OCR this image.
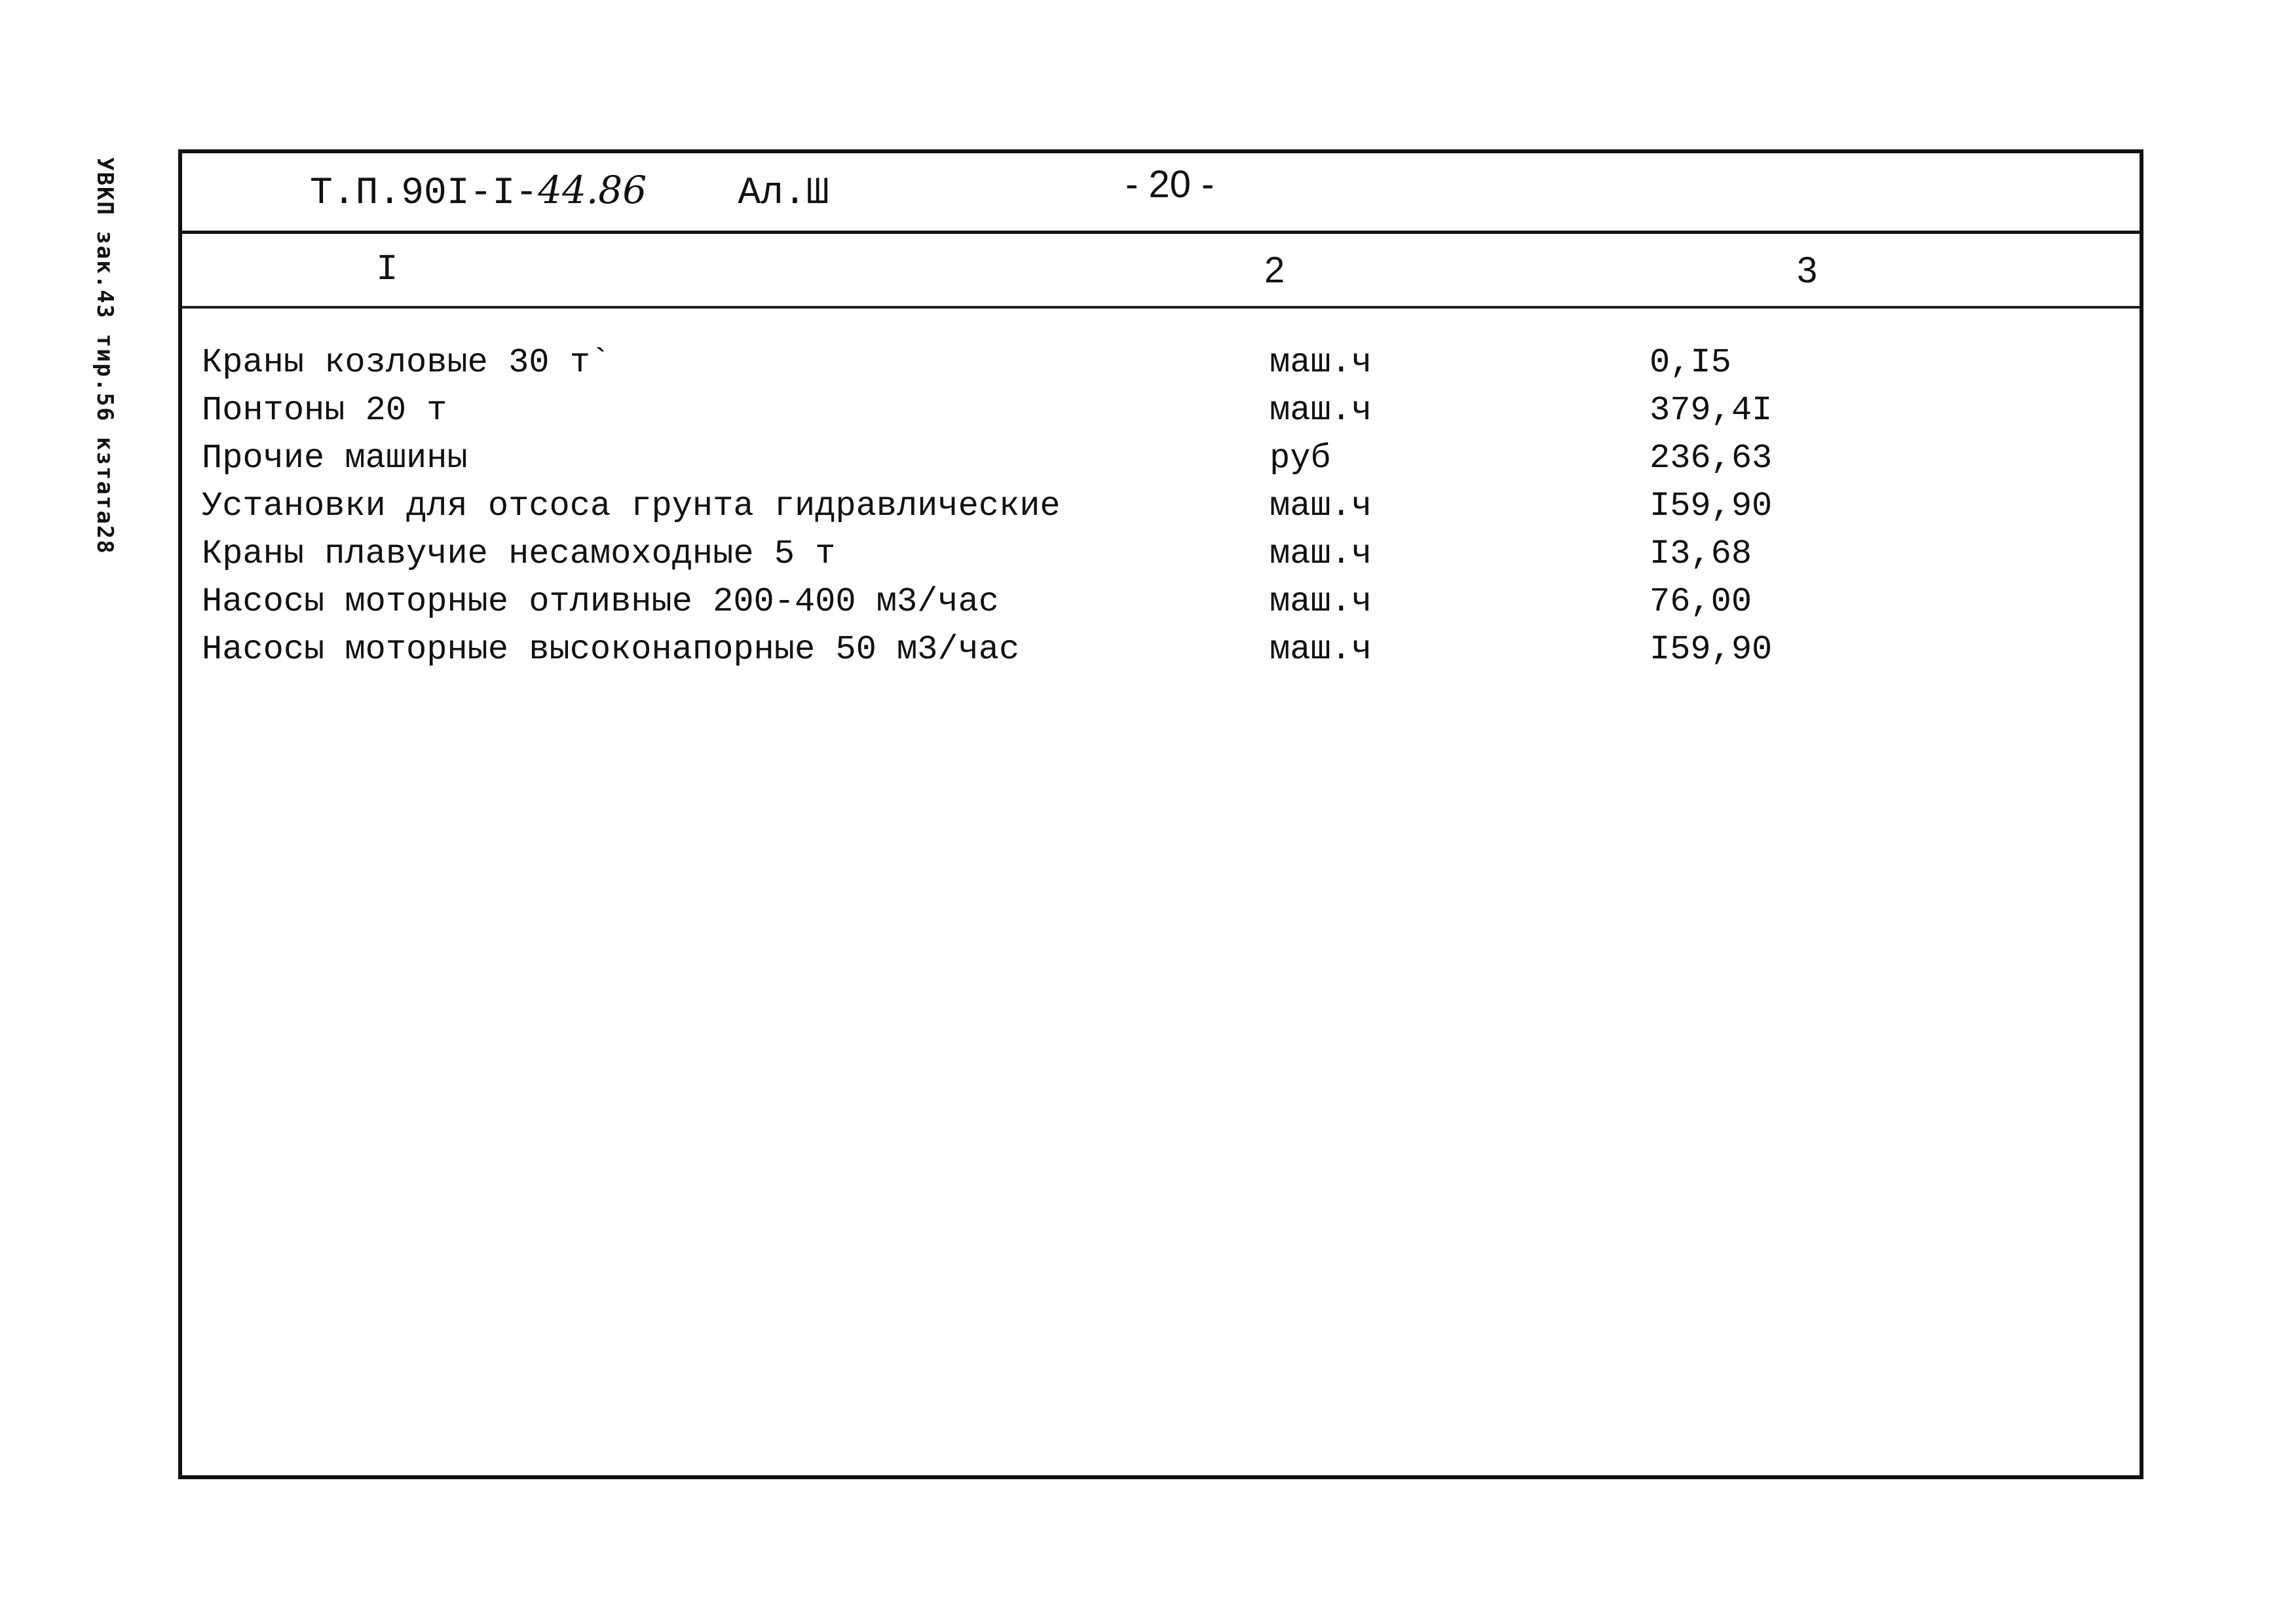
УВКП зак.43 тир.56 кзтата28	Т.П.90І-І-44.86 Ал.Ш	- 20 -
I	2	3
Краны козловые 30 т`	маш.ч	0,I5
Понтоны 20 т	маш.ч	379,4I
Прочие машины	руб	236,63
Установки для отсоса грунта гидравлические	маш.ч	I59,90
Краны плавучие несамоходные 5 т	маш.ч	I3,68
Насосы моторные отливные 200-400 м3/час	маш.ч	76,00
Насосы моторные высоконапорные 50 м3/час	маш.ч	I59,90
